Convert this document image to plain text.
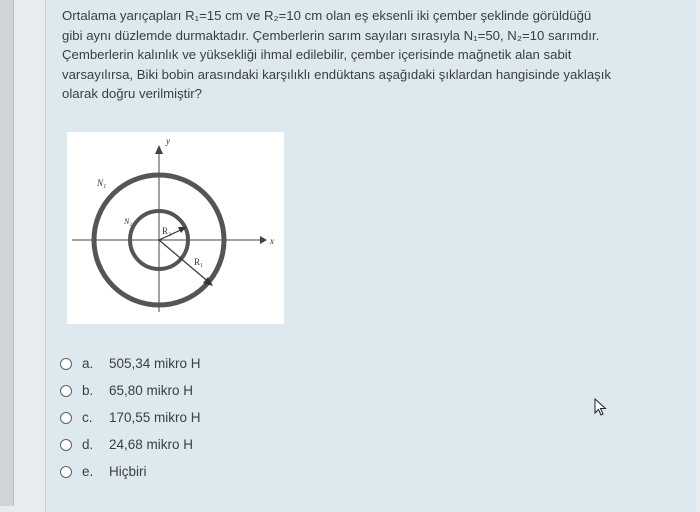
Ortalama yarıçapları R₁=15 cm ve R₂=10 cm olan eş eksenli iki çember şeklinde görüldüğü

gibi aynı düzlemde durmaktadır. Çemberlerin sarım sayıları sırasıyla N₁=50, N₂=10 sarımdır.

Çemberlerin kalınlık ve yüksekliği ihmal edilebilir, çember içerisinde mağnetik alan sabit

varsayılırsa, Biki bobin arasındaki karşılıklı endüktans aşağıdaki şıklardan hangisinde yaklaşık

olarak doğru verilmiştir?

y
x
N₁
N₂
R₂
R₁
a.	505,34 mikro H
b.	65,80 mikro H
c.	170,55 mikro H
d.	24,68 mikro H
e.	Hiçbiri
